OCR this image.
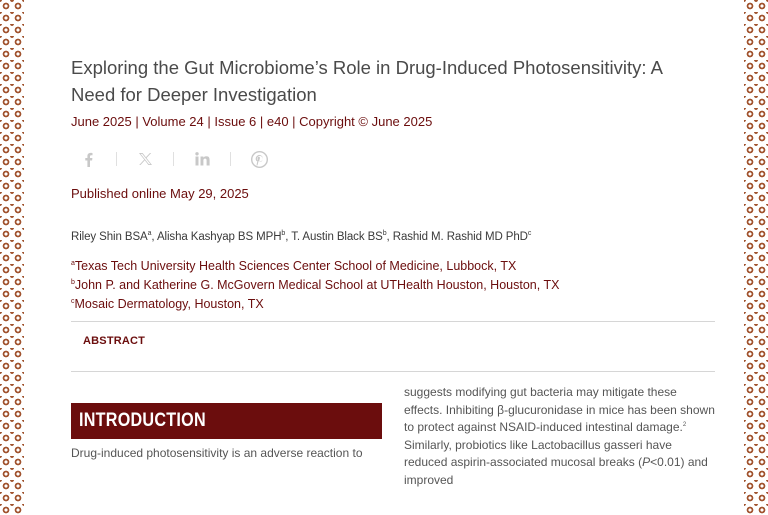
Exploring the Gut Microbiome’s Role in Drug-Induced Photosensitivity: A Need for Deeper Investigation

June 2025 | Volume 24 | Issue 6 | e40 | Copyright © June 2025

Published online May 29, 2025

Riley Shin BSA$^a$, Alisha Kashyap BS MPH$^b$, T. Austin Black $BS^b$, Rashid M. Rashid MD PhD$^c$

$^a$Texas Tech University Health Sciences Center School of Medicine, Lubbock, TX
$^b$John P. and Katherine G. McGovern Medical School at UTHealth Houston, Houston, TX
$^c$Mosaic Dermatology, Houston, TX
ABSTRACT
INTRODUCTION

Drug-induced photosensitivity is an adverse reaction to

suggests modifying gut bacteria may mitigate these effects. Inhibiting β-glucuronidase in mice has been shown to protect against NSAID-induced intestinal damage.$^2$ Similarly, probiotics like Lactobacillus gasseri have reduced aspirin-associated mucosal breaks (P<0.01) and improved
